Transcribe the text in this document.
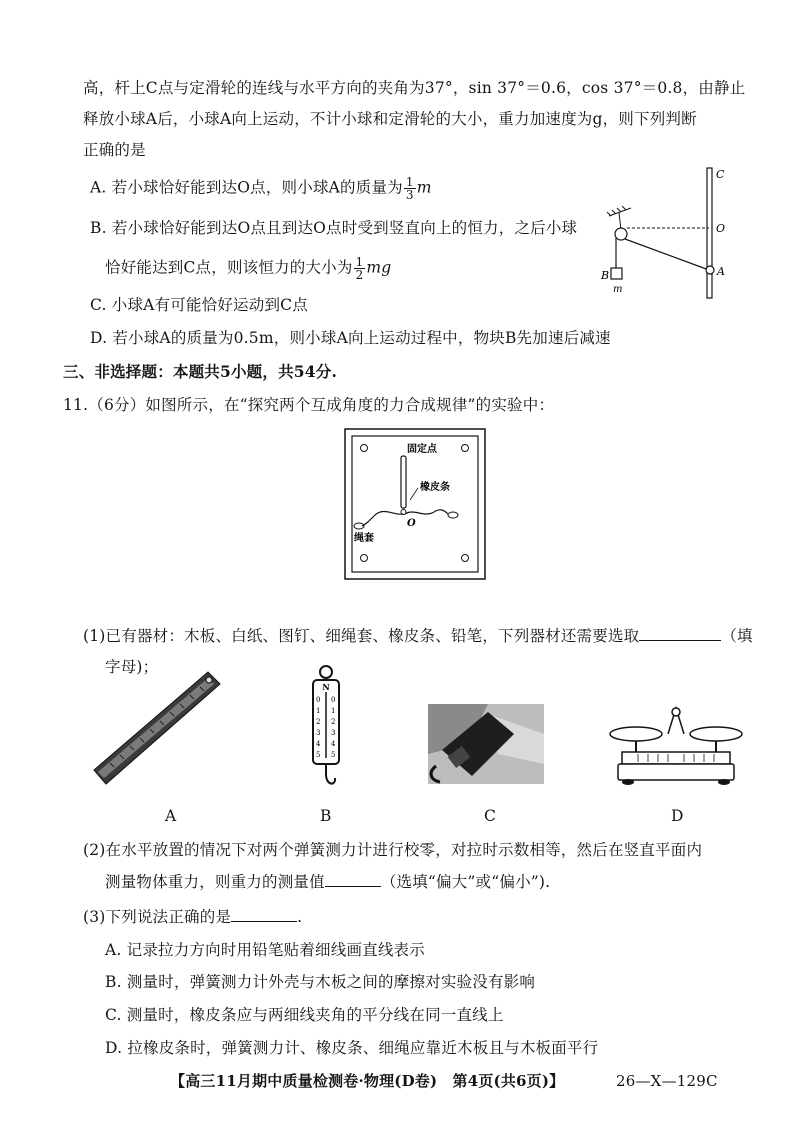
高，杆上C点与定滑轮的连线与水平方向的夹角为37°，sin 37°＝0.6，cos 37°＝0.8，由静止
释放小球A后，小球A向上运动，不计小球和定滑轮的大小，重力加速度为g，则下列判断
正确的是
A. 若小球恰好能到达O点，则小球A的质量为 $\frac{1}{3}$ m
B. 若小球恰好能到达O点且到达O点时受到竖直向上的恒力，之后小球
恰好能达到C点，则该恒力的大小为 $\frac{1}{2}$ mg
C. 小球A有可能恰好运动到C点
D. 若小球A的质量为0.5m，则小球A向上运动过程中，物块B先加速后减速
C
O
A
B
m
三、非选择题：本题共5小题，共54分.
11.（6分）如图所示，在“探究两个互成角度的力合成规律”的实验中：
固定点
橡皮条
O
绳套
(1)已有器材：木板、白纸、图钉、细绳套、橡皮条、铅笔，下列器材还需要选取	（填
字母)；
N
0
1
2
3
4
5
0
1
2
3
4
5
A	B	C	D
(2)在水平放置的情况下对两个弹簧测力计进行校零，对拉时示数相等，然后在竖直平面内
测量物体重力，则重力的测量值	（选填“偏大”或“偏小”).
(3)下列说法正确的是	.
A. 记录拉力方向时用铅笔贴着细线画直线表示
B. 测量时，弹簧测力计外壳与木板之间的摩擦对实验没有影响
C. 测量时，橡皮条应与两细线夹角的平分线在同一直线上
D. 拉橡皮条时，弹簧测力计、橡皮条、细绳应靠近木板且与木板面平行
【高三11月期中质量检测卷·物理(D卷)　第4页(共6页)】	26—X—129C
